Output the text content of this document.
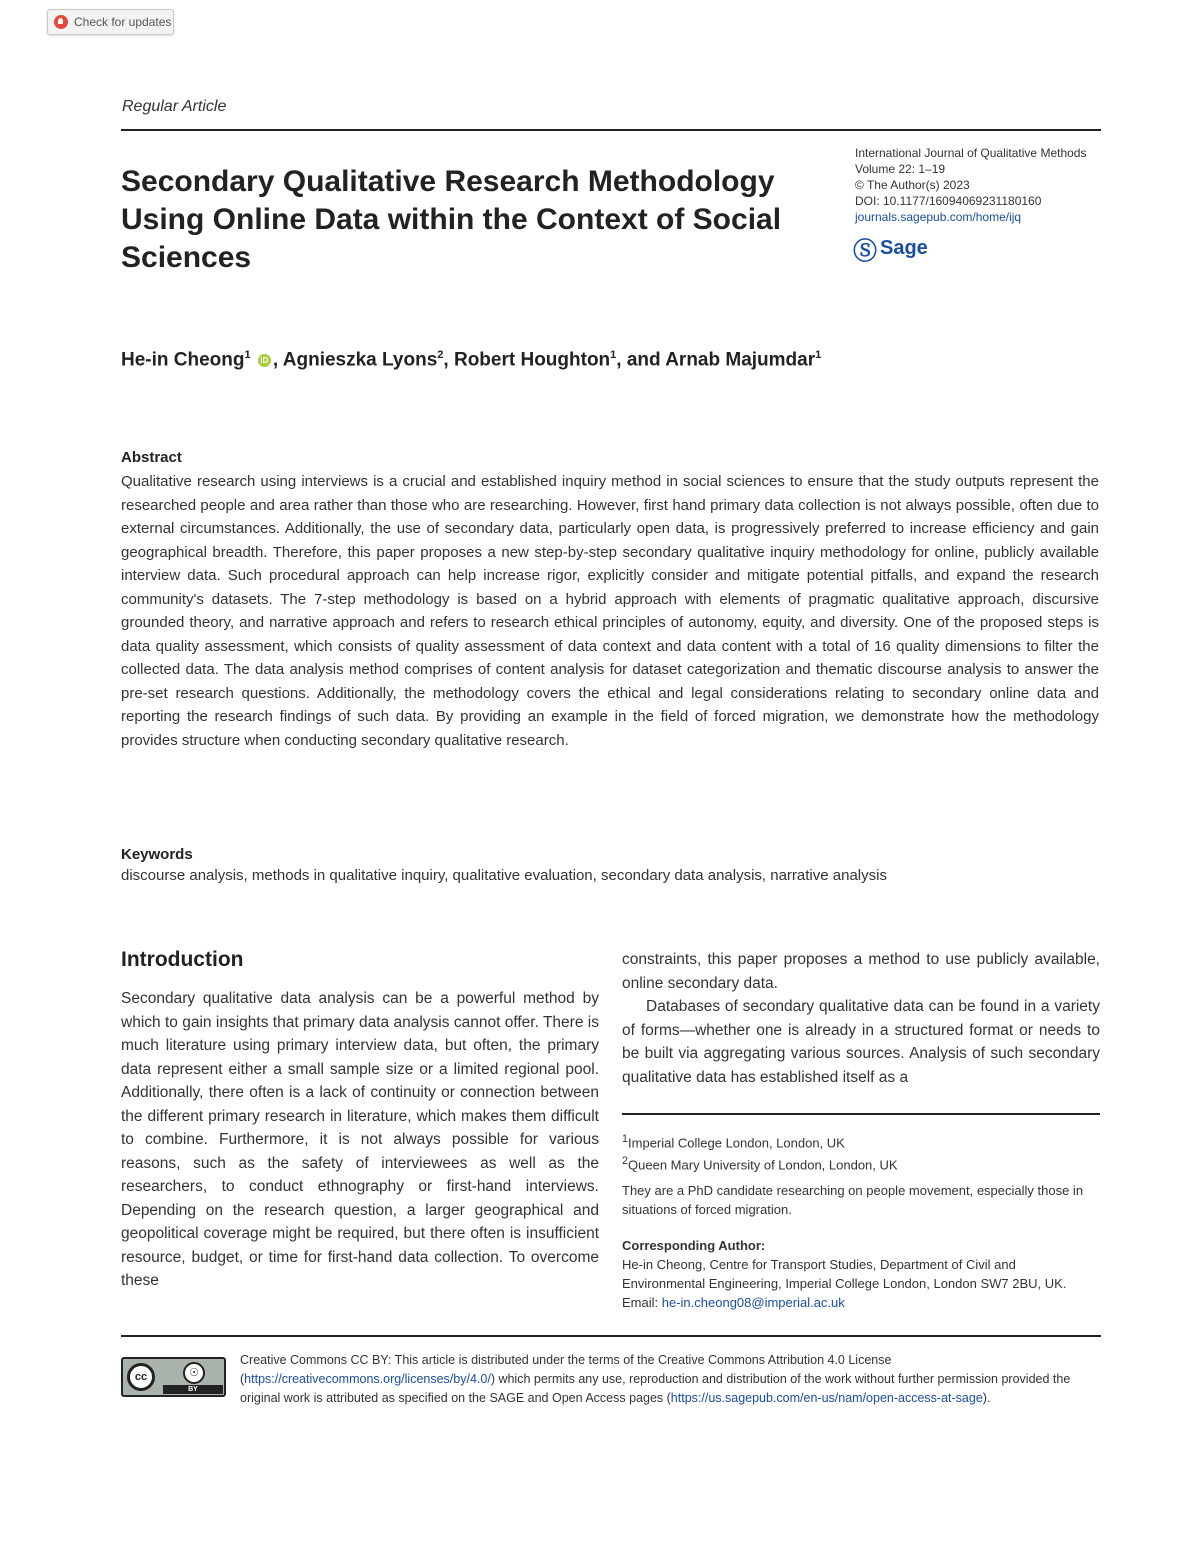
Check for updates
Regular Article
Secondary Qualitative Research Methodology Using Online Data within the Context of Social Sciences
International Journal of Qualitative Methods
Volume 22: 1–19
© The Author(s) 2023
DOI: 10.1177/16094069231180160
journals.sagepub.com/home/ijq
Ⓢ Sage
He-in Cheong$^1$ iD , Agnieszka Lyons$^2$, Robert Houghton$^1$, and Arnab Majumdar$^1$
Abstract

Qualitative research using interviews is a crucial and established inquiry method in social sciences to ensure that the study outputs represent the researched people and area rather than those who are researching. However, first hand primary data collection is not always possible, often due to external circumstances. Additionally, the use of secondary data, particularly open data, is progressively preferred to increase efficiency and gain geographical breadth. Therefore, this paper proposes a new step-by-step secondary qualitative inquiry methodology for online, publicly available interview data. Such procedural approach can help increase rigor, explicitly consider and mitigate potential pitfalls, and expand the research community's datasets. The 7-step methodology is based on a hybrid approach with elements of pragmatic qualitative approach, discursive grounded theory, and narrative approach and refers to research ethical principles of autonomy, equity, and diversity. One of the proposed steps is data quality assessment, which consists of quality assessment of data context and data content with a total of 16 quality dimensions to filter the collected data. The data analysis method comprises of content analysis for dataset categorization and thematic discourse analysis to answer the pre-set research questions. Additionally, the methodology covers the ethical and legal considerations relating to secondary online data and reporting the research findings of such data. By providing an example in the field of forced migration, we demonstrate how the methodology provides structure when conducting secondary qualitative research.

Keywords
discourse analysis, methods in qualitative inquiry, qualitative evaluation, secondary data analysis, narrative analysis
Introduction

Secondary qualitative data analysis can be a powerful method by which to gain insights that primary data analysis cannot offer. There is much literature using primary interview data, but often, the primary data represent either a small sample size or a limited regional pool. Additionally, there often is a lack of continuity or connection between the different primary research in literature, which makes them difficult to combine. Furthermore, it is not always possible for various reasons, such as the safety of interviewees as well as the researchers, to conduct ethnography or first-hand interviews. Depending on the research question, a larger geographical and geopolitical coverage might be required, but there often is insufficient resource, budget, or time for first-hand data collection. To overcome these

constraints, this paper proposes a method to use publicly available, online secondary data.

Databases of secondary qualitative data can be found in a variety of forms—whether one is already in a structured format or needs to be built via aggregating various sources. Analysis of such secondary qualitative data has established itself as a

$^1$Imperial College London, London, UK
$^2$Queen Mary University of London, London, UK
They are a PhD candidate researching on people movement, especially those in situations of forced migration.
Corresponding Author:
He-in Cheong, Centre for Transport Studies, Department of Civil and
Environmental Engineering, Imperial College London, London SW7 2BU, UK.
Email: he-in.cheong08@imperial.ac.uk
cc	☉
BY
Creative Commons CC BY: This article is distributed under the terms of the Creative Commons Attribution 4.0 License (https://creativecommons.org/licenses/by/4.0/) which permits any use, reproduction and distribution of the work without further permission provided the original work is attributed as specified on the SAGE and Open Access pages (https://us.sagepub.com/en-us/nam/open-access-at-sage).
